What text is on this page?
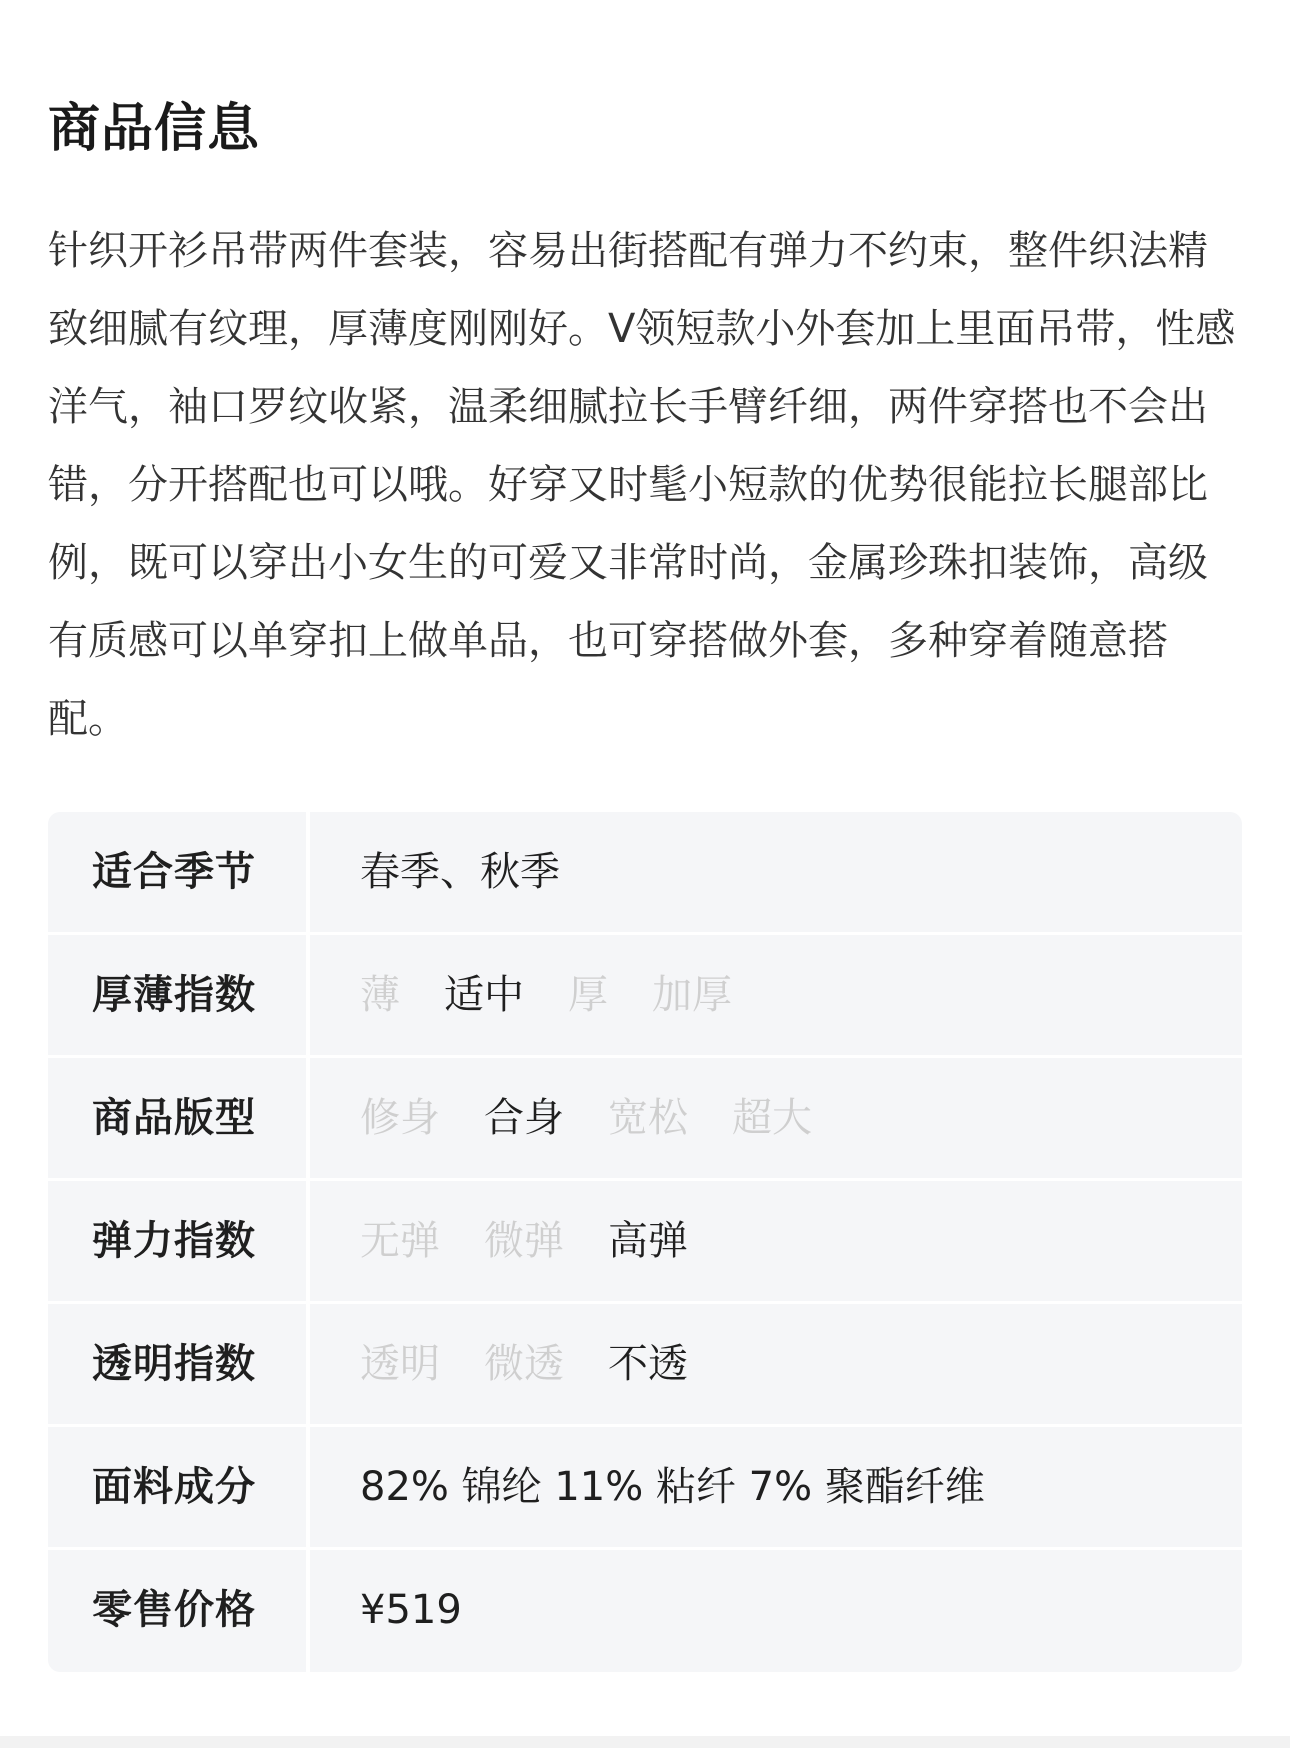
商品信息
针织开衫吊带两件套装，容易出街搭配有弹力不约束，整件织法精致细腻有纹理，厚薄度刚刚好。V领短款小外套加上里面吊带，性感洋气，袖口罗纹收紧，温柔细腻拉长手臂纤细，两件穿搭也不会出错，分开搭配也可以哦。好穿又时髦小短款的优势很能拉长腿部比例，既可以穿出小女生的可爱又非常时尚，金属珍珠扣装饰，高级有质感可以单穿扣上做单品，也可穿搭做外套，多种穿着随意搭配。
适合季节	春季、秋季
厚薄指数	薄 适中 厚 加厚
商品版型	修身 合身 宽松 超大
弹力指数	无弹 微弹 高弹
透明指数	透明 微透 不透
面料成分	82% 锦纶 11% 粘纤 7% 聚酯纤维
零售价格	¥519
